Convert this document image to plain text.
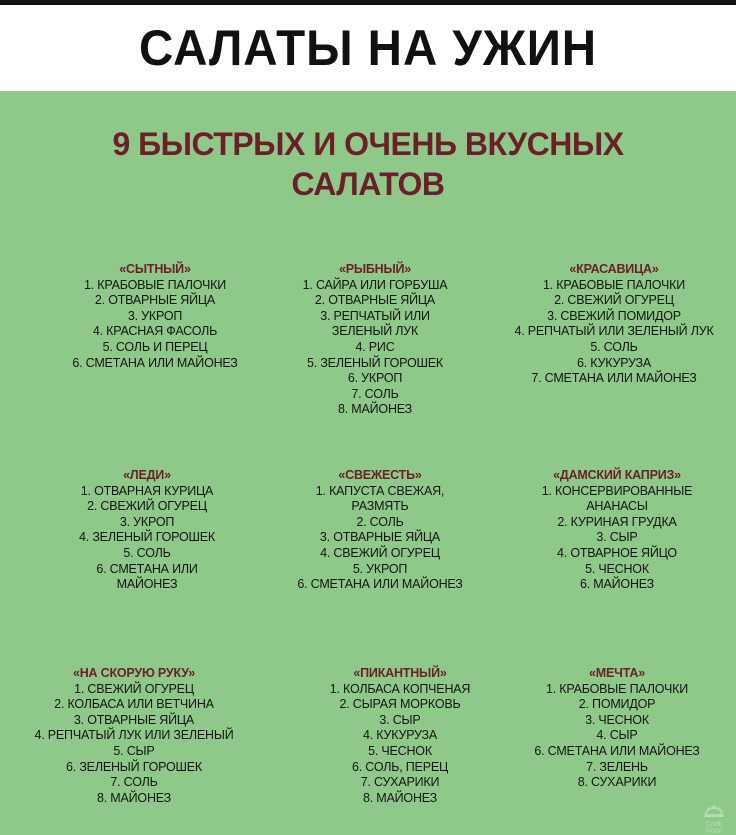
САЛАТЫ НА УЖИН
9 БЫСТРЫХ И ОЧЕНЬ ВКУСНЫХ
САЛАТОВ
«СЫТНЫЙ»
1. КРАБОВЫЕ ПАЛОЧКИ
2. ОТВАРНЫЕ ЯЙЦА
3. УКРОП
4. КРАСНАЯ ФАСОЛЬ
5. СОЛЬ И ПЕРЕЦ
6. СМЕТАНА ИЛИ МАЙОНЕЗ
«РЫБНЫЙ»
1. САЙРА ИЛИ ГОРБУША
2. ОТВАРНЫЕ ЯЙЦА
3. РЕПЧАТЫЙ ИЛИ
ЗЕЛЕНЫЙ ЛУК
4. РИС
5. ЗЕЛЕНЫЙ ГОРОШЕК
6. УКРОП
7. СОЛЬ
8. МАЙОНЕЗ
«КРАСАВИЦА»
1. КРАБОВЫЕ ПАЛОЧКИ
2. СВЕЖИЙ ОГУРЕЦ
3. СВЕЖИЙ ПОМИДОР
4. РЕПЧАТЫЙ ИЛИ ЗЕЛЕНЫЙ ЛУК
5. СОЛЬ
6. КУКУРУЗА
7. СМЕТАНА ИЛИ МАЙОНЕЗ
«ЛЕДИ»
1. ОТВАРНАЯ КУРИЦА
2. СВЕЖИЙ ОГУРЕЦ
3. УКРОП
4. ЗЕЛЕНЫЙ ГОРОШЕК
5. СОЛЬ
6. СМЕТАНА ИЛИ
МАЙОНЕЗ
«СВЕЖЕСТЬ»
1. КАПУСТА СВЕЖАЯ,
РАЗМЯТЬ
2. СОЛЬ
3. ОТВАРНЫЕ ЯЙЦА
4. СВЕЖИЙ ОГУРЕЦ
5. УКРОП
6. СМЕТАНА ИЛИ МАЙОНЕЗ
«ДАМСКИЙ КАПРИЗ»
1. КОНСЕРВИРОВАННЫЕ
АНАНАСЫ
2. КУРИНАЯ ГРУДКА
3. СЫР
4. ОТВАРНОЕ ЯЙЦО
5. ЧЕСНОК
6. МАЙОНЕЗ
«НА СКОРУЮ РУКУ»
1. СВЕЖИЙ ОГУРЕЦ
2. КОЛБАСА ИЛИ ВЕТЧИНА
3. ОТВАРНЫЕ ЯЙЦА
4. РЕПЧАТЫЙ ЛУК ИЛИ ЗЕЛЕНЫЙ
5. СЫР
6. ЗЕЛЕНЫЙ ГОРОШЕК
7. СОЛЬ
8. МАЙОНЕЗ
«ПИКАНТНЫЙ»
1. КОЛБАСА КОПЧЕНАЯ
2. СЫРАЯ МОРКОВЬ
3. СЫР
4. КУКУРУЗА
5. ЧЕСНОК
6. СОЛЬ, ПЕРЕЦ
7. СУХАРИКИ
8. МАЙОНЕЗ
«МЕЧТА»
1. КРАБОВЫЕ ПАЛОЧКИ
2. ПОМИДОР
3. ЧЕСНОК
4. СЫР
6. СМЕТАНА ИЛИ МАЙОНЕЗ
7. ЗЕЛЕНЬ
8. СУХАРИКИ
Cook
Good
